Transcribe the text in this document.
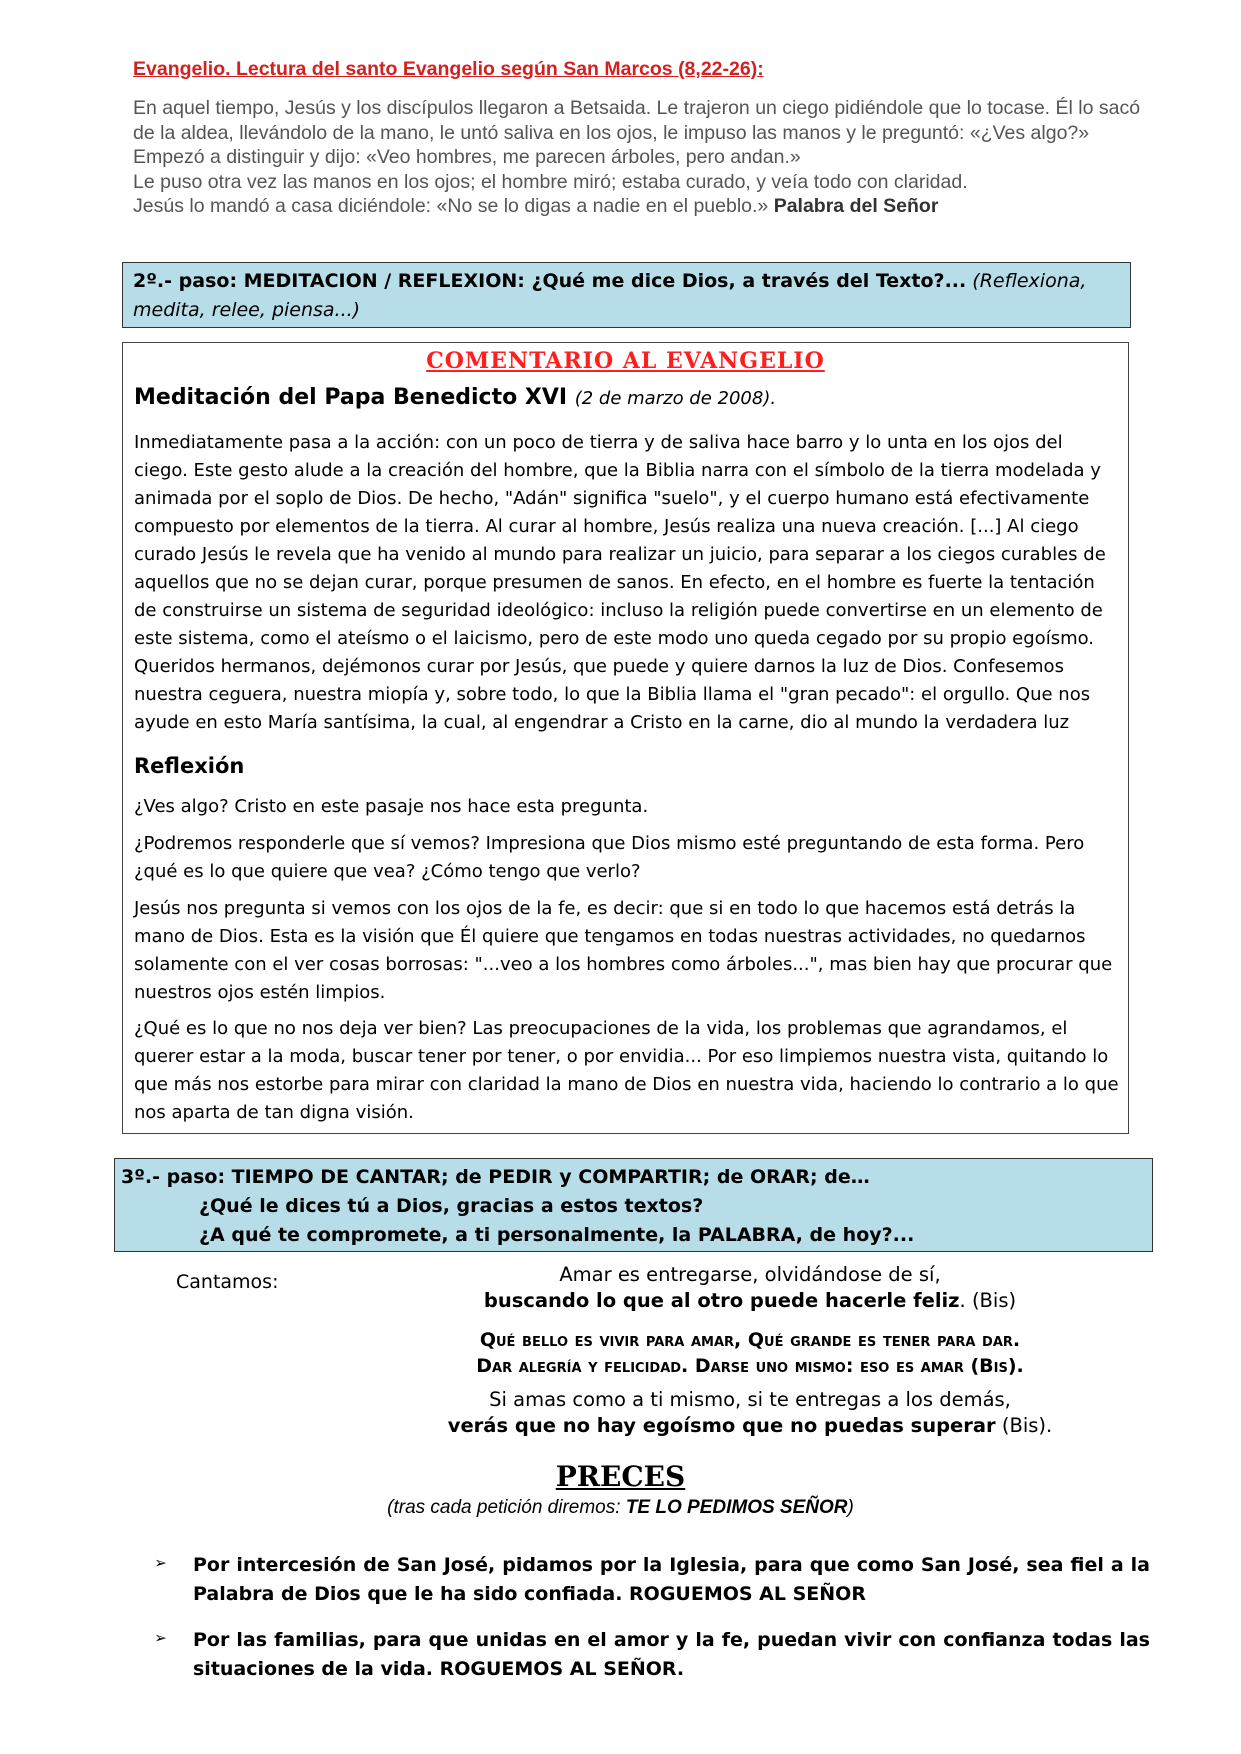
Evangelio. Lectura del santo Evangelio según San Marcos (8,22-26):

En aquel tiempo, Jesús y los discípulos llegaron a Betsaida. Le trajeron un ciego pidiéndole que lo tocase. Él lo sacó de la aldea, llevándolo de la mano, le untó saliva en los ojos, le impuso las manos y le preguntó: «¿Ves algo?»

Empezó a distinguir y dijo: «Veo hombres, me parecen árboles, pero andan.»

Le puso otra vez las manos en los ojos; el hombre miró; estaba curado, y veía todo con claridad.

Jesús lo mandó a casa diciéndole: «No se lo digas a nadie en el pueblo.» Palabra del Señor

2º.- paso: MEDITACION / REFLEXION: ¿Qué me dice Dios, a través del Texto?... (Reflexiona, medita, relee, piensa...)
COMENTARIO AL EVANGELIO
Meditación del Papa Benedicto XVI (2 de marzo de 2008).

Inmediatamente pasa a la acción: con un poco de tierra y de saliva hace barro y lo unta en los ojos del ciego. Este gesto alude a la creación del hombre, que la Biblia narra con el símbolo de la tierra modelada y animada por el soplo de Dios. De hecho, "Adán" significa "suelo", y el cuerpo humano está efectivamente compuesto por elementos de la tierra. Al curar al hombre, Jesús realiza una nueva creación. [...] Al ciego curado Jesús le revela que ha venido al mundo para realizar un juicio, para separar a los ciegos curables de aquellos que no se dejan curar, porque presumen de sanos. En efecto, en el hombre es fuerte la tentación de construirse un sistema de seguridad ideológico: incluso la religión puede convertirse en un elemento de este sistema, como el ateísmo o el laicismo, pero de este modo uno queda cegado por su propio egoísmo. Queridos hermanos, dejémonos curar por Jesús, que puede y quiere darnos la luz de Dios. Confesemos nuestra ceguera, nuestra miopía y, sobre todo, lo que la Biblia llama el "gran pecado": el orgullo. Que nos ayude en esto María santísima, la cual, al engendrar a Cristo en la carne, dio al mundo la verdadera luz

Reflexión

¿Ves algo? Cristo en este pasaje nos hace esta pregunta.

¿Podremos responderle que sí vemos? Impresiona que Dios mismo esté preguntando de esta forma. Pero ¿qué es lo que quiere que vea? ¿Cómo tengo que verlo?

Jesús nos pregunta si vemos con los ojos de la fe, es decir: que si en todo lo que hacemos está detrás la mano de Dios. Esta es la visión que Él quiere que tengamos en todas nuestras actividades, no quedarnos solamente con el ver cosas borrosas: "...veo a los hombres como árboles...", mas bien hay que procurar que nuestros ojos estén limpios.

¿Qué es lo que no nos deja ver bien? Las preocupaciones de la vida, los problemas que agrandamos, el querer estar a la moda, buscar tener por tener, o por envidia... Por eso limpiemos nuestra vista, quitando lo que más nos estorbe para mirar con claridad la mano de Dios en nuestra vida, haciendo lo contrario a lo que nos aparta de tan digna visión.

3º.- paso: TIEMPO DE CANTAR; de PEDIR y COMPARTIR; de ORAR; de…
¿Qué le dices tú a Dios, gracias a estos textos?
¿A qué te compromete, a ti personalmente, la PALABRA, de hoy?...
Cantamos:	Amar es entregarse, olvidándose de sí,
buscando lo que al otro puede hacerle feliz. (Bis)
Qué bello es vivir para amar, Qué grande es tener para dar.
Dar alegría y felicidad. Darse uno mismo: eso es amar (Bis).
Si amas como a ti mismo, si te entregas a los demás,
verás que no hay egoísmo que no puedas superar (Bis).
PRECES
(tras cada petición diremos: TE LO PEDIMOS SEÑOR)
➢ Por intercesión de San José, pidamos por la Iglesia, para que como San José, sea fiel a la Palabra de Dios que le ha sido confiada. ROGUEMOS AL SEÑOR
➢ Por las familias, para que unidas en el amor y la fe, puedan vivir con confianza todas las situaciones de la vida. ROGUEMOS AL SEÑOR.
